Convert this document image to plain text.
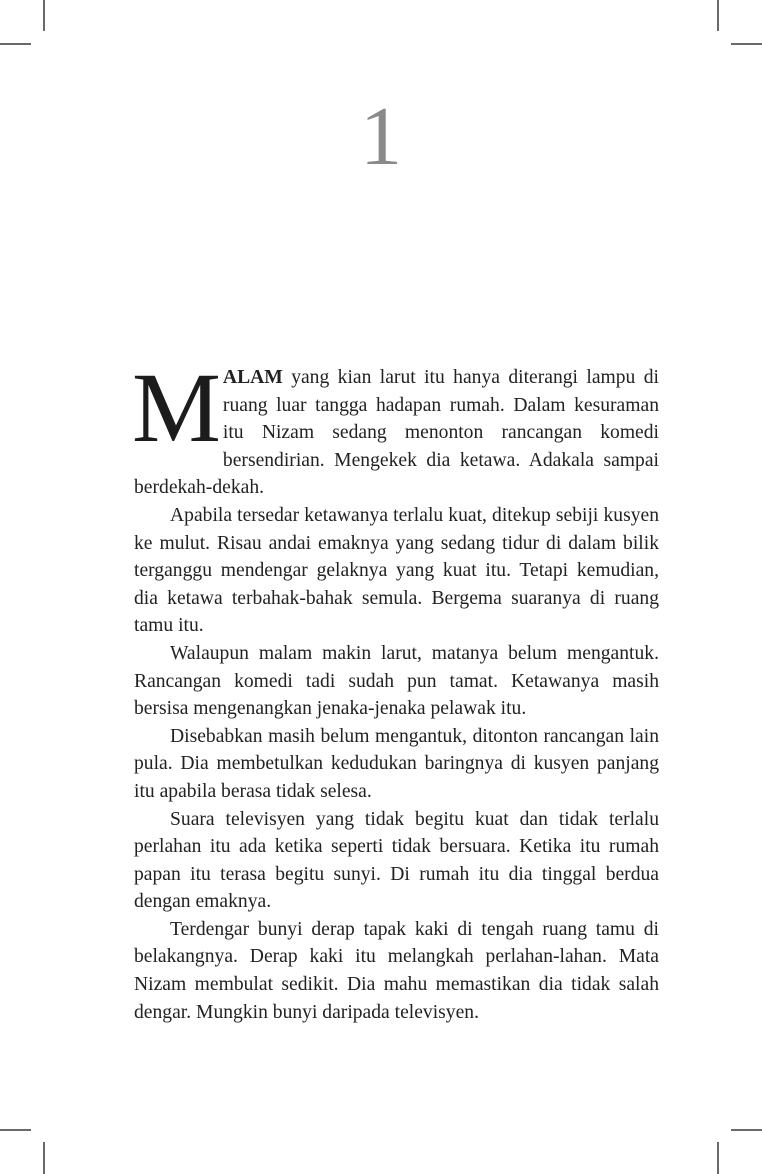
1

MALAM yang kian larut itu hanya diterangi lampu di ruang luar tangga hadapan rumah. Dalam kesuraman itu Nizam sedang menonton rancangan komedi bersendirian. Mengekek dia ketawa. Adakala sampai berdekah-dekah.

Apabila tersedar ketawanya terlalu kuat, ditekup sebiji kusyen ke mulut. Risau andai emaknya yang sedang tidur di dalam bilik terganggu mendengar gelaknya yang kuat itu. Tetapi kemudian, dia ketawa terbahak-bahak semula. Bergema suaranya di ruang tamu itu.

Walaupun malam makin larut, matanya belum mengantuk. Rancangan komedi tadi sudah pun tamat. Ketawanya masih bersisa mengenangkan jenaka-jenaka pelawak itu.

Disebabkan masih belum mengantuk, ditonton rancangan lain pula. Dia membetulkan kedudukan baringnya di kusyen panjang itu apabila berasa tidak selesa.

Suara televisyen yang tidak begitu kuat dan tidak terlalu perlahan itu ada ketika seperti tidak bersuara. Ketika itu rumah papan itu terasa begitu sunyi. Di rumah itu dia tinggal berdua dengan emaknya.

Terdengar bunyi derap tapak kaki di tengah ruang tamu di belakangnya. Derap kaki itu melangkah perlahan-lahan. Mata Nizam membulat sedikit. Dia mahu memastikan dia tidak salah dengar. Mungkin bunyi daripada televisyen.
